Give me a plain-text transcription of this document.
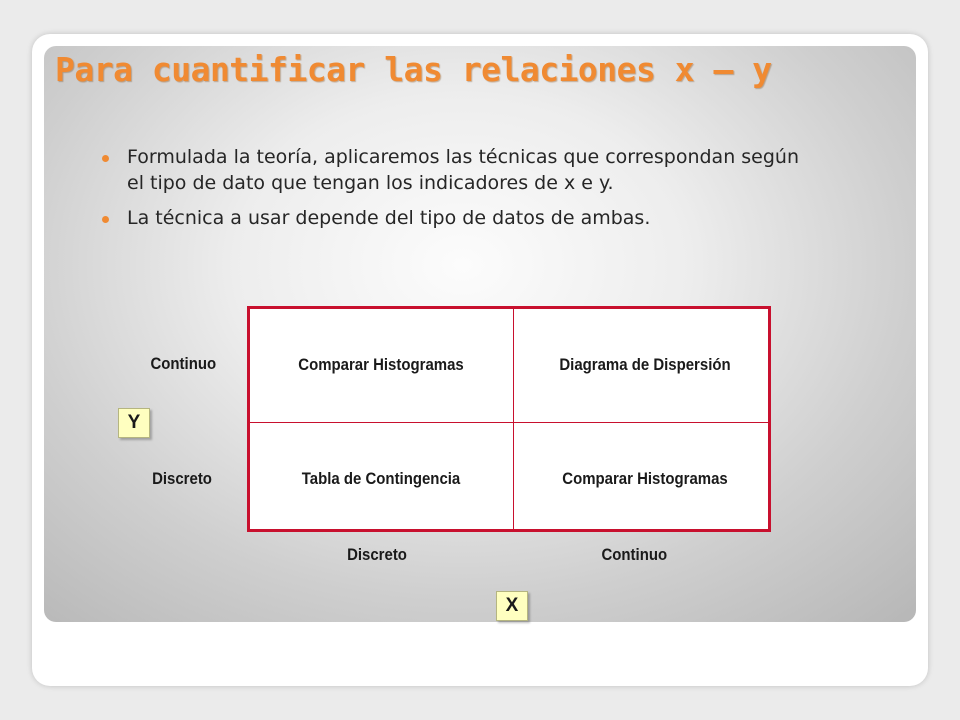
Para cuantificar las relaciones x – y
Formulada la teoría, aplicaremos las técnicas que correspondan según el tipo de dato que tengan los indicadores de x e y.
La técnica a usar depende del tipo de datos de ambas.
Continuo
Discreto
Comparar Histogramas	Diagrama de Dispersión
Tabla de Contingencia	Comparar Histogramas
Discreto	Continuo
Y
X
